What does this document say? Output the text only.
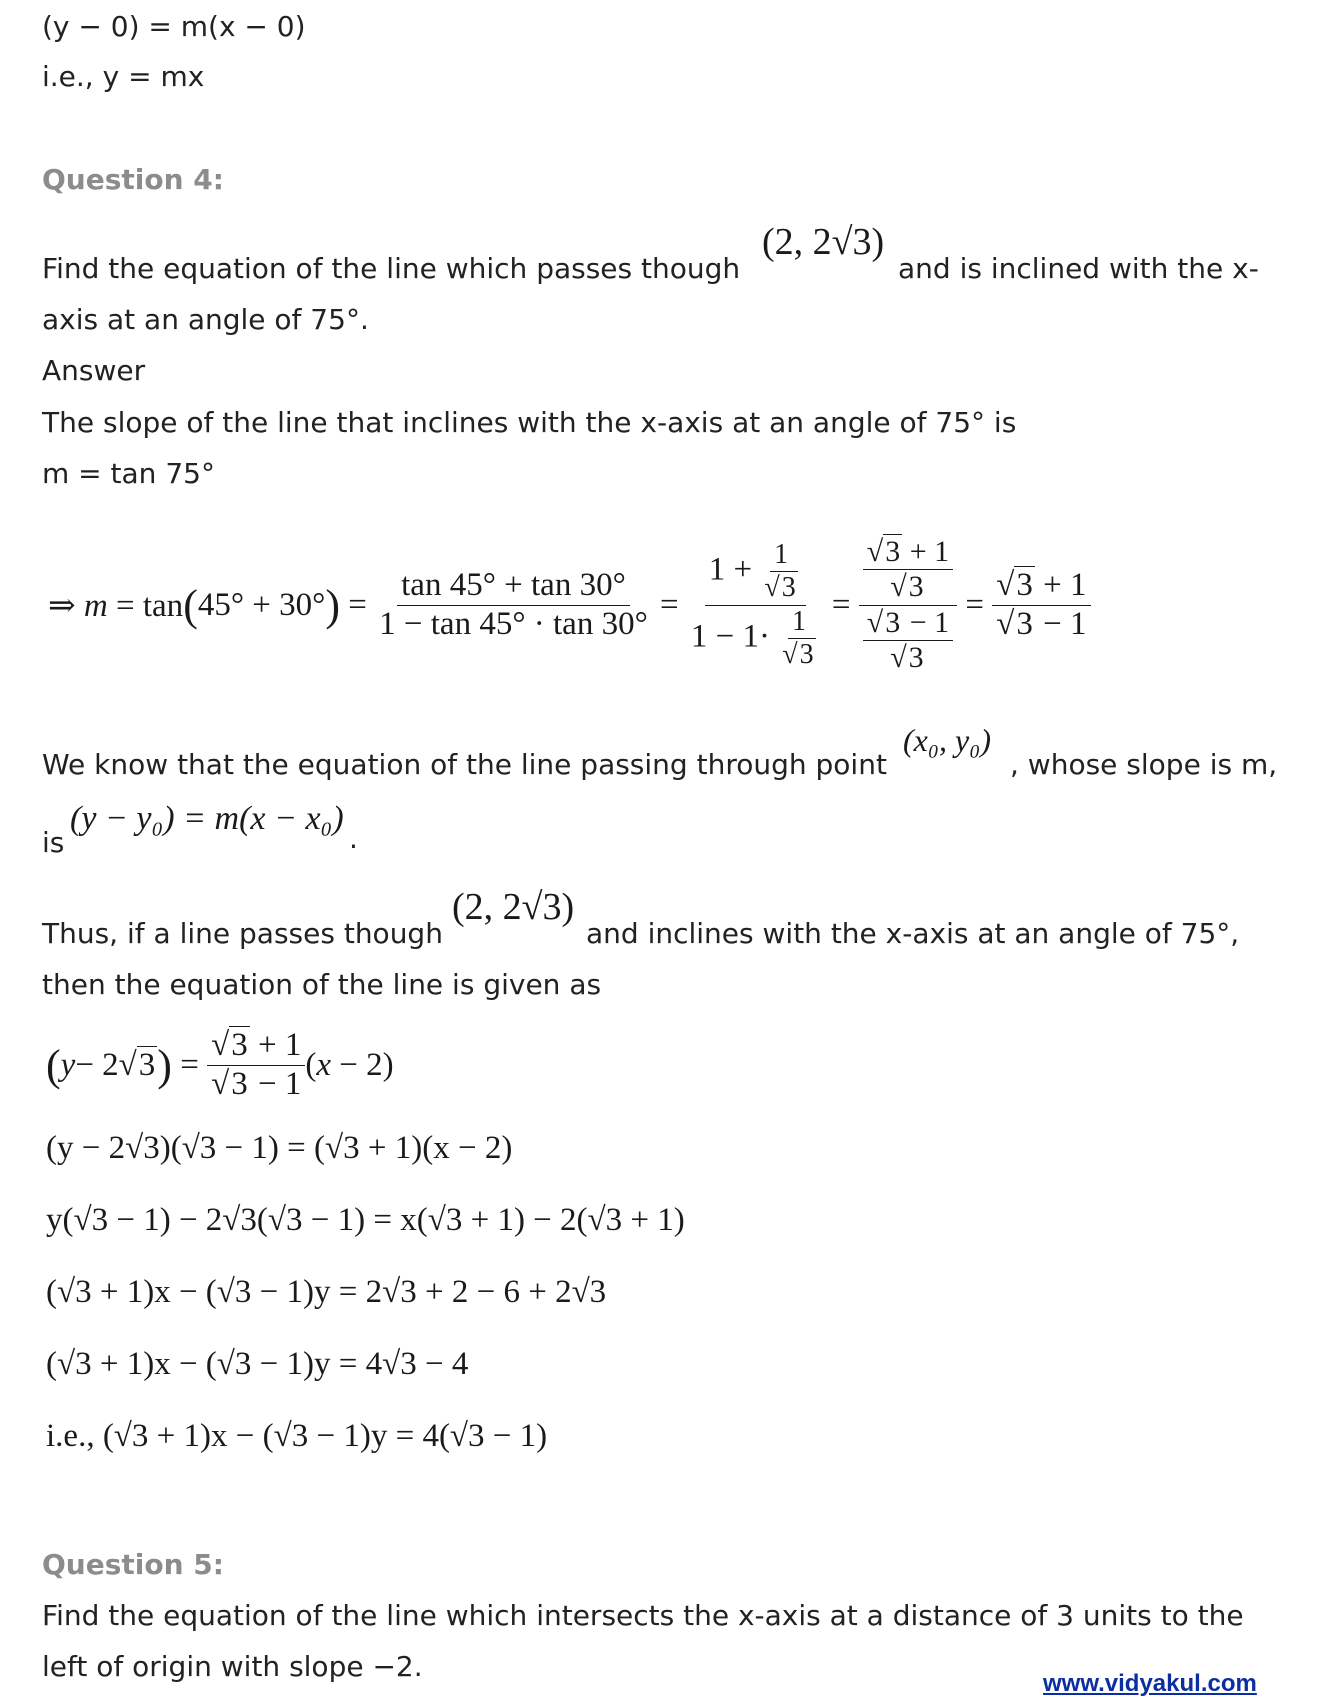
(y − 0) = m(x − 0)
i.e., y = mx
Question 4:
Find the equation of the line which passes though
(2, 2√3)
and is inclined with the x-
axis at an angle of 75°.
Answer
The slope of the line that inclines with the x-axis at an angle of 75° is
m = tan 75°
⇒ m = tan ( 45° + 30° ) = $\frac{\tan 45^\circ + \tan 30^\circ}{1 - \tan 45^\circ \cdot \tan 30^\circ} = \frac{1 + \frac{1}{√3}}{1 - 1\cdot \frac{1}{√3}} = \frac{\frac{√3 + 1}{√3}}{\frac{√3 - 1}{√3}} = \frac{√3 + 1}{√3 - 1}$
We know that the equation of the line passing through point
(x₀, y₀)
, whose slope is m,
is
(y − y₀) = m(x − x₀)
.
(2, 2√3)
Thus, if a line passes though	and inclines with the x-axis at an angle of 75°,
then the equation of the line is given as
( y − 2√3 ) = $\frac{√3 + 1}{√3 - 1} (x - 2)$
(y − 2√3)(√3 − 1) = (√3 + 1)(x − 2)
y(√3 − 1) − 2√3(√3 − 1) = x(√3 + 1) − 2(√3 + 1)
(√3 + 1)x − (√3 − 1)y = 2√3 + 2 − 6 + 2√3
(√3 + 1)x − (√3 − 1)y = 4√3 − 4
i.e., (√3 + 1)x − (√3 − 1)y = 4(√3 − 1)
Question 5:
Find the equation of the line which intersects the x-axis at a distance of 3 units to the
left of origin with slope −2.
www.vidyakul.com
